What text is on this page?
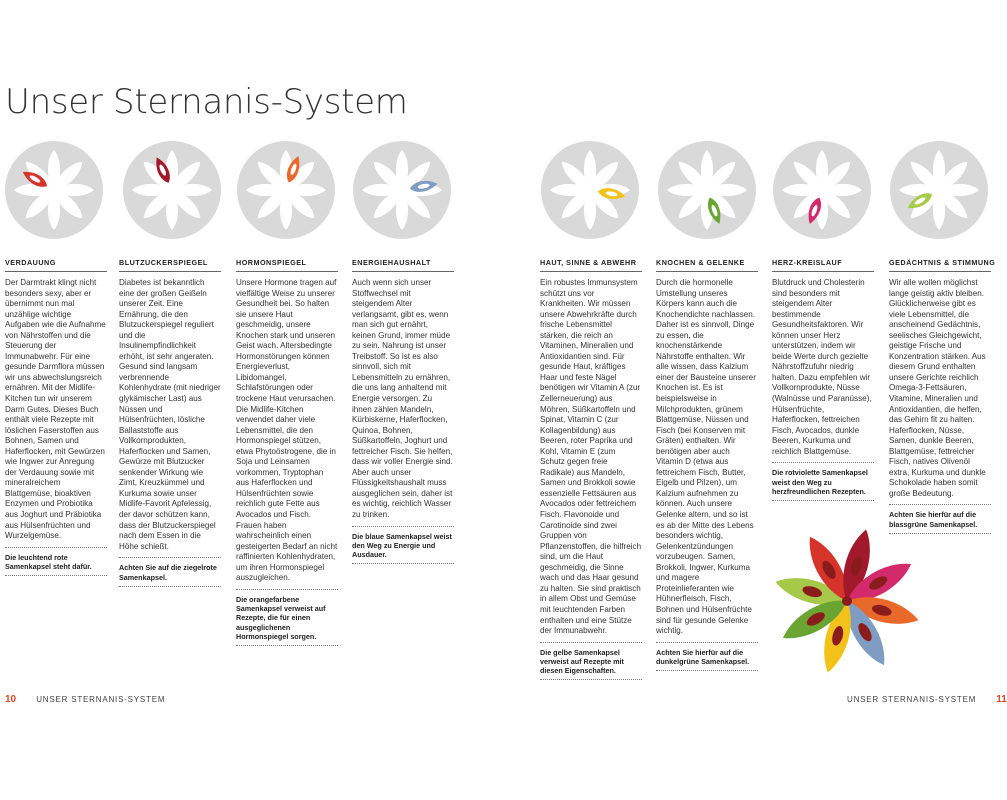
Unser Sternanis-System
VERDAUUNG
Der Darmtrakt klingt nicht besonders sexy, aber er übernimmt nun mal unzählige wichtige Aufgaben wie die Aufnahme von Nährstoffen und die Steuerung der Immunabwehr. Für eine gesunde Darmflora müssen wir uns abwechslungsreich ernähren. Mit der Midlife-Kitchen tun wir unserem Darm Gutes. Dieses Buch enthält viele Rezepte mit löslichen Faserstoffen aus Bohnen, Samen und Haferflocken, mit Gewürzen wie Ingwer zur Anregung der Verdauung sowie mit mineralreichem Blattgemüse, bioaktiven Enzymen und Probiotika aus Joghurt und Präbiotika aus Hülsenfrüchten und Wurzelgemüse.
Die leuchtend rote Samenkapsel steht dafür.
BLUTZUCKERSPIEGEL
Diabetes ist bekanntlich eine der großen Geißeln unserer Zeit. Eine Ernährung, die den Blutzuckerspiegel reguliert und die Insulinempfindlichkeit erhöht, ist sehr angeraten. Gesund sind langsam verbrennende Kohlenhydrate (mit niedriger glykämischer Last) aus Nüssen und Hülsenfrüchten, lösliche Ballaststoffe aus Vollkornprodukten, Haferflocken und Samen, Gewürze mit Blutzucker senkender Wirkung wie Zimt, Kreuzkümmel und Kurkuma sowie unser Midlife-Favorit Apfelessig, der davor schützen kann, dass der Blutzuckerspiegel nach dem Essen in die Höhe schießt.
Achten Sie auf die ziegelrote Samenkapsel.
HORMONSPIEGEL
Unsere Hormone tragen auf vielfältige Weise zu unserer Gesundheit bei. So halten sie unsere Haut geschmeidig, unsere Knochen stark und unseren Geist wach. Altersbedingte Hormonstörungen können Energieverlust, Libidomangel, Schlafstörungen oder trockene Haut verursachen. Die Midlife-Kitchen verwendet daher viele Lebensmittel, die den Hormonspiegel stützen, etwa Phytoöstrogene, die in Soja und Leinsamen vorkommen, Tryptophan aus Haferflocken und Hülsenfrüchten sowie reichlich gute Fette aus Avocados und Fisch. Frauen haben wahrscheinlich einen gesteigerten Bedarf an nicht raffinierten Kohlenhydraten, um ihren Hormonspiegel auszugleichen.
Die orangefarbene Samenkapsel verweist auf Rezepte, die für einen ausgeglichenen Hormonspiegel sorgen.
ENERGIEHAUSHALT
Auch wenn sich unser Stoffwechsel mit steigendem Alter verlangsamt, gibt es, wenn man sich gut ernährt, keinen Grund, immer müde zu sein. Nahrung ist unser Treibstoff. So ist es also sinnvoll, sich mit Lebensmitteln zu ernähren, die uns lang anhaltend mit Energie versorgen. Zu ihnen zählen Mandeln, Kürbiskerne, Haferflocken, Quinoa, Bohnen, Süßkartoffeln, Joghurt und fettreicher Fisch. Sie helfen, dass wir voller Energie sind. Aber auch unser Flüssigkeitshaushalt muss ausgeglichen sein, daher ist es wichtig, reichlich Wasser zu trinken.
Die blaue Samenkapsel weist den Weg zu Energie und Ausdauer.
HAUT, SINNE & ABWEHR
Ein robustes Immunsystem schützt uns vor Krankheiten. Wir müssen unsere Abwehrkräfte durch frische Lebensmittel stärken, die reich an Vitaminen, Mineralien und Antioxidantien sind. Für gesunde Haut, kräftiges Haar und feste Nägel benötigen wir Vitamin A (zur Zellerneuerung) aus Möhren, Süßkartoffeln und Spinat, Vitamin C (zur Kollagenbildung) aus Beeren, roter Paprika und Kohl, Vitamin E (zum Schutz gegen freie Radikale) aus Mandeln, Samen und Brokkoli sowie essenzielle Fettsäuren aus Avocados oder fettreichem Fisch. Flavonoide und Carotinoide sind zwei Gruppen von Pflanzenstoffen, die hilfreich sind, um die Haut geschmeidig, die Sinne wach und das Haar gesund zu halten. Sie sind praktisch in allem Obst und Gemüse mit leuchtenden Farben enthalten und eine Stütze der Immunabwehr.
Die gelbe Samenkapsel verweist auf Rezepte mit diesen Eigenschaften.
KNOCHEN & GELENKE
Durch die hormonelle Umstellung unseres Körpers kann auch die Knochendichte nachlassen. Daher ist es sinnvoll, Dinge zu essen, die knochenstärkende Nährstoffe enthalten. Wir alle wissen, dass Kalzium einer der Bausteine unserer Knochen ist. Es ist beispielsweise in Milchprodukten, grünem Blattgemüse, Nüssen und Fisch (bei Konserven mit Gräten) enthalten. Wir benötigen aber auch Vitamin D (etwa aus fettreichem Fisch, Butter, Eigelb und Pilzen), um Kalzium aufnehmen zu können. Auch unsere Gelenke altern, und so ist es ab der Mitte des Lebens besonders wichtig, Gelenkentzündungen vorzubeugen. Samen, Brokkoli, Ingwer, Kurkuma und magere Proteinlieferanten wie Hühnerfleisch, Fisch, Bohnen und Hülsenfrüchte sind für gesunde Gelenke wichtig.
Achten Sie hierfür auf die dunkelgrüne Samenkapsel.
HERZ-KREISLAUF
Blutdruck und Cholesterin sind besonders mit steigendem Alter bestimmende Gesundheitsfaktoren. Wir können unser Herz unterstützen, indem wir beide Werte durch gezielte Nährstoffzufuhr niedrig halten. Dazu empfehlen wir Vollkornprodukte, Nüsse (Walnüsse und Paranüsse), Hülsenfrüchte, Haferflocken, fettreichen Fisch, Avocados, dunkle Beeren, Kurkuma und reichlich Blattgemüse.
Die rotviolette Samenkapsel weist den Weg zu herzfreundlichen Rezepten.
GEDÄCHTNIS & STIMMUNG
Wir alle wollen möglichst lange geistig aktiv bleiben. Glücklicherweise gibt es viele Lebensmittel, die anscheinend Gedächtnis, seelisches Gleichgewicht, geistige Frische und Konzentration stärken. Aus diesem Grund enthalten unsere Gerichte reichlich Omega-3-Fettsäuren, Vitamine, Mineralien und Antioxidantien, die helfen, das Gehirn fit zu halten. Haferflocken, Nüsse, Samen, dunkle Beeren, Blattgemüse, fettreicher Fisch, natives Olivenöl extra, Kurkuma und dunkle Schokolade haben somit große Bedeutung.
Achten Sie hierfür auf die blassgrüne Samenkapsel.
10	UNSER STERNANIS-SYSTEM	UNSER STERNANIS-SYSTEM 11
